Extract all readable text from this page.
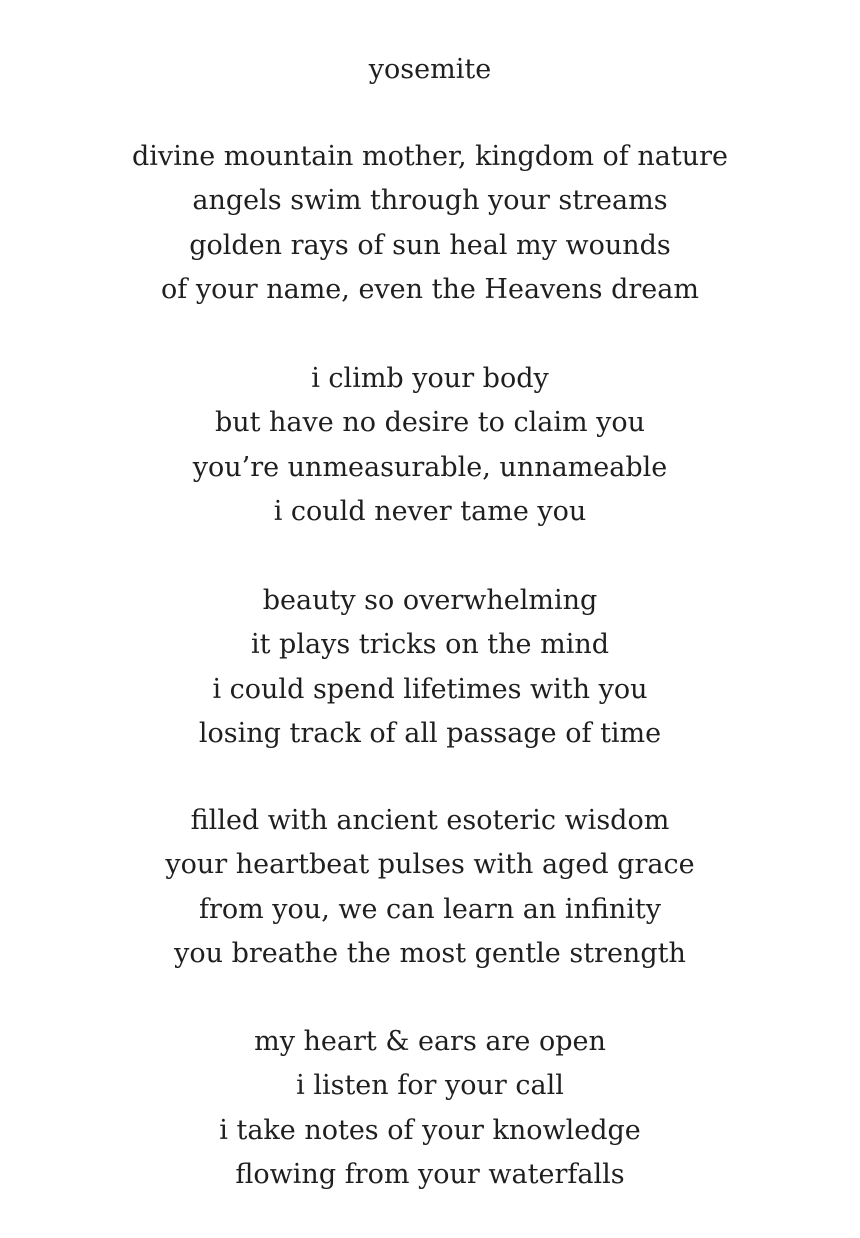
yosemite
divine mountain mother, kingdom of nature
angels swim through your streams
golden rays of sun heal my wounds
of your name, even the Heavens dream
i climb your body
but have no desire to claim you
you’re unmeasurable, unnameable
i could never tame you
beauty so overwhelming
it plays tricks on the mind
i could spend lifetimes with you
losing track of all passage of time
filled with ancient esoteric wisdom
your heartbeat pulses with aged grace
from you, we can learn an infinity
you breathe the most gentle strength
my heart & ears are open
i listen for your call
i take notes of your knowledge
flowing from your waterfalls
